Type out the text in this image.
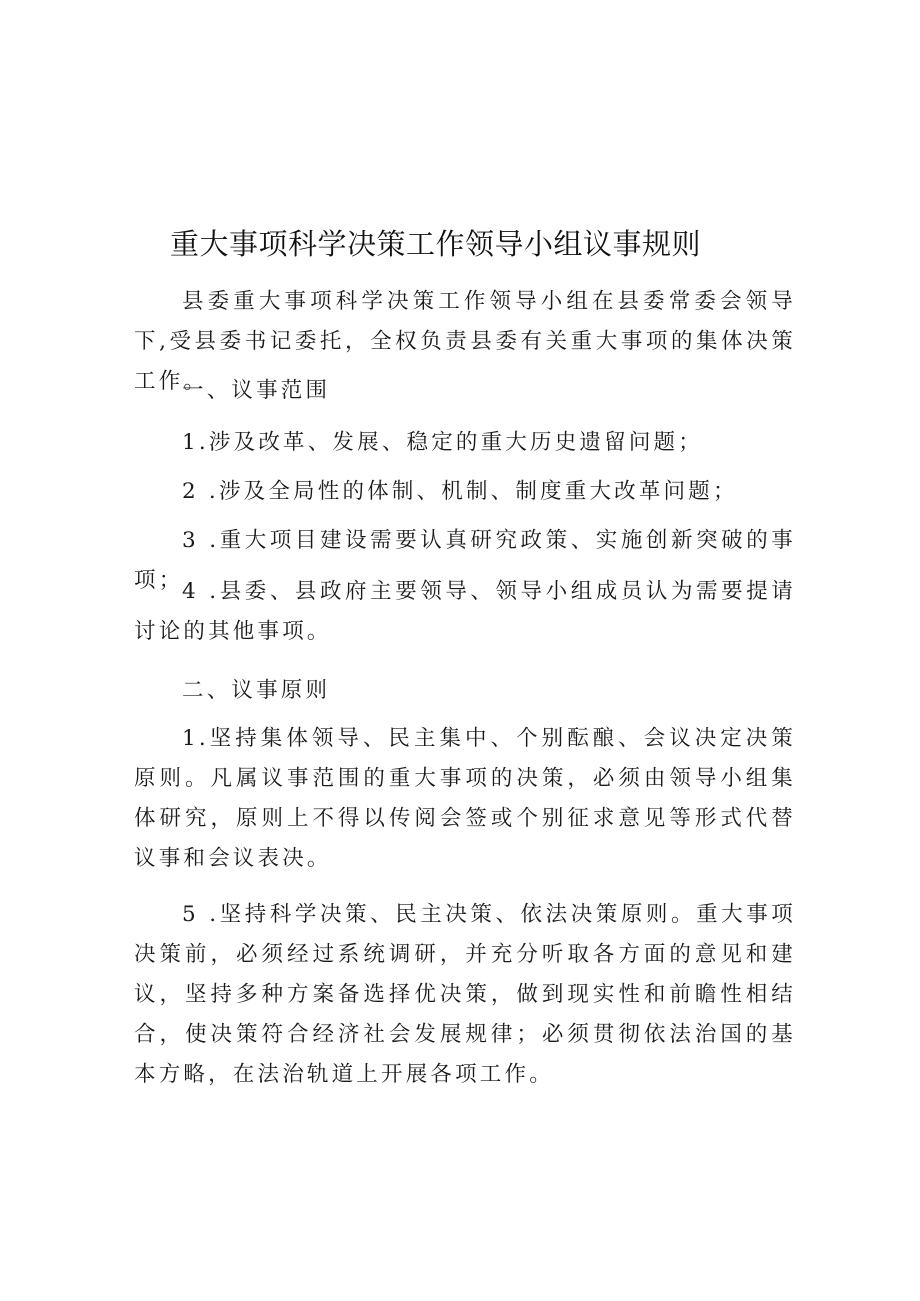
重大事项科学决策工作领导小组议事规则

县委重大事项科学决策工作领导小组在县委常委会领导下,受县委书记委托，全权负责县委有关重大事项的集体决策工作。

一、议事范围

1.涉及改革、发展、稳定的重大历史遗留问题；

2 .涉及全局性的体制、机制、制度重大改革问题；

3 .重大项目建设需要认真研究政策、实施创新突破的事项；

4 .县委、县政府主要领导、领导小组成员认为需要提请讨论的其他事项。

二、议事原则

1.坚持集体领导、民主集中、个别酝酿、会议决定决策原则。凡属议事范围的重大事项的决策，必须由领导小组集体研究，原则上不得以传阅会签或个别征求意见等形式代替议事和会议表决。

5 .坚持科学决策、民主决策、依法决策原则。重大事项决策前，必须经过系统调研，并充分听取各方面的意见和建议，坚持多种方案备选择优决策，做到现实性和前瞻性相结合，使决策符合经济社会发展规律；必须贯彻依法治国的基本方略，在法治轨道上开展各项工作。
